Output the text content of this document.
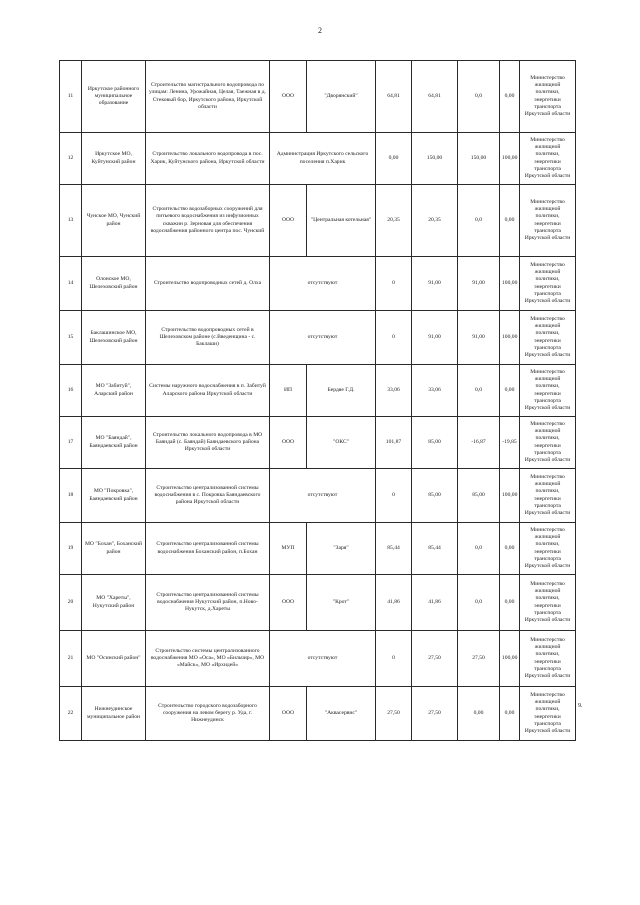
2
11	Иркутское районного муниципальное образование	Строительство магистрального водопровода по улицам: Ленина, Урожайная, Целая, Таежная в д. Стековый бор, Иркутского района, Иркутской области	ООО	"Дворянский"	64,81	64,81	0,0	0,00	Министерство жилищной политики, энергетики транспорта Иркутской области
12	Иркутское МО, Куйтунский район	Строительство локального водопровода в пос. Харик, Куйтунского района, Иркутской области	Администрация Иркутского сельского поселения п.Харик		0,00	150,00	150,00	100,00	Министерство жилищной политики, энергетики транспорта Иркутской области
13	Чунское МО, Чунский район	Строительство водозаборных сооружений для питьевого водоснабжения из инфузионных скважин р. Зерновая для обеспечения водоснабжения районного центра пос. Чунский	ООО	"Центральная котельная"	20,35	20,35	0,0	0,00	Министерство жилищной политики, энергетики транспорта Иркутской области
14	Олонское МО, Шелеховский район	Строительство водопроводных сетей д. Олха	отсутствуют		0	91,00	91,00	100,00	Министерство жилищной политики, энергетики транспорта Иркутской области
15	Баклашинское МО, Шелеховский район	Строительство водопроводных сетей в Шелеховском районе (с.Введенщина - с. Баклаши)	отсутствуют		0	91,00	91,00	100,00	Министерство жилищной политики, энергетики транспорта Иркутской области
16	МО "Забитуй", Аларский район	Системы наружного водоснабжения в п. Забитуй Аларского района Иркутской области	ИП	Бердяе Г.Д.	33,06	33,06	0,0	0,00	Министерство жилищной политики, энергетики транспорта Иркутской области
17	МО "Баяндай", Баяндаевский район	Строительство локального водопровода в МО Баяндай (с. Баяндай) Баяндаевского района Иркутской области	ООО	"ОКС"	101,87	85,00	-16,87	-19,85	Министерство жилищной политики, энергетики транспорта Иркутской области
18	МО "Покровка", Баяндаевский район	Строительство централизованной системы водоснабжения в с. Покровка Баяндаевского района Иркутской области	отсутствуют		0	85,00	85,00	100,00	Министерство жилищной политики, энергетики транспорта Иркутской области
19	МО "Бохан", Боханский район	Строительство централизованной системы водоснабжения Боханский район, п.Бохан	МУП	"Заря"	85,44	85,44	0,0	0,00	Министерство жилищной политики, энергетики транспорта Иркутской области
20	МО "Хареты", Нукутский район	Строительство централизованной системы водоснабжения Нукутский район, п.Ново-Нукутск, д.Хареты	ООО	"Крот"	41,86	41,86	0,0	0,00	Министерство жилищной политики, энергетики транспорта Иркутской области
21	МО "Осинский район"	Строительство системы централизованного водоснабжения МО «Оса», МО «Бильчир», МО «Майск», МО «Ирхидей»	отсутствуют		0	27,50	27,50	100,00	Министерство жилищной политики, энергетики транспорта Иркутской области
22	Нижнеудинское муниципальное район	Строительство городского водозаборного сооружения на левом берегу р. Уда, г. Нижнеудинск	ООО	"Аквасервис"	27,50	27,50	0,00	0,00	Министерство жилищной политики, энергетики транспорта Иркутской области
9.
